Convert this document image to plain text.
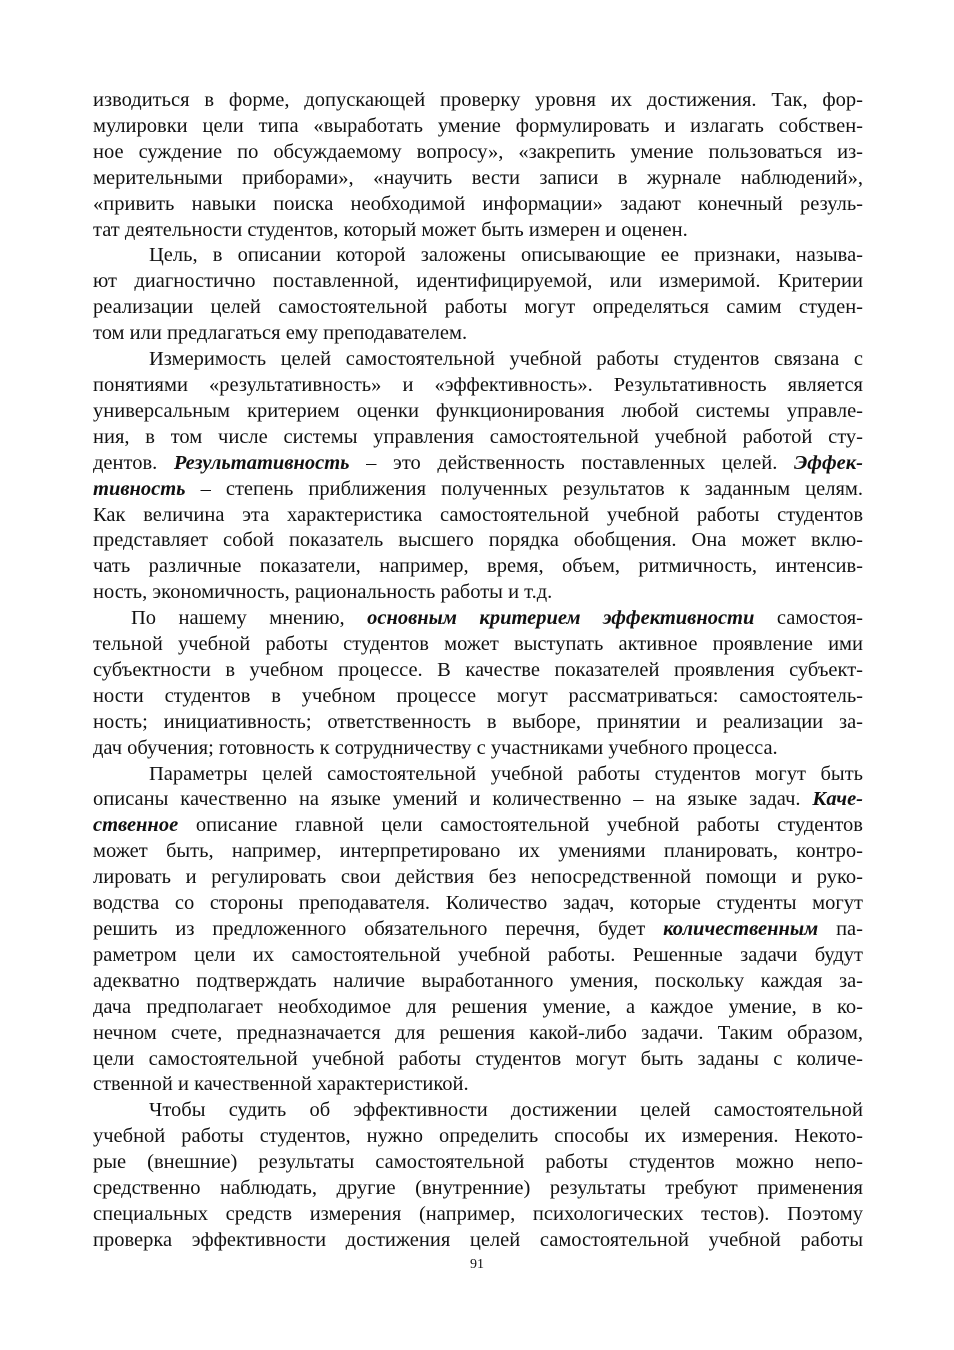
изводиться в форме, допускающей проверку уровня их достижения. Так, фор-
мулировки цели типа «выработать умение формулировать и излагать собствен-
ное суждение по обсуждаемому вопросу», «закрепить умение пользоваться из-
мерительными приборами», «научить вести записи в журнале наблюдений»,
«привить навыки поиска необходимой информации» задают конечный резуль-
тат деятельности студентов, который может быть измерен и оценен.

Цель, в описании которой заложены описывающие ее признаки, называ-
ют диагностично поставленной, идентифицируемой, или измеримой. Критерии
реализации целей самостоятельной работы могут определяться самим студен-
том или предлагаться ему преподавателем.

Измеримость целей самостоятельной учебной работы студентов связана с
понятиями «результативность» и «эффективность». Результативность является
универсальным критерием оценки функционирования любой системы управле-
ния, в том числе системы управления самостоятельной учебной работой сту-
дентов. Результативность – это действенность поставленных целей. Эффек-
тивность – степень приближения полученных результатов к заданным целям.
Как величина эта характеристика самостоятельной учебной работы студентов
представляет собой показатель высшего порядка обобщения. Она может вклю-
чать различные показатели, например, время, объем, ритмичность, интенсив-
ность, экономичность, рациональность работы и т.д.

По нашему мнению, основным критерием эффективности самостоя-
тельной учебной работы студентов может выступать активное проявление ими
субъектности в учебном процессе. В качестве показателей проявления субъект-
ности студентов в учебном процессе могут рассматриваться: самостоятель-
ность; инициативность; ответственность в выборе, принятии и реализации за-
дач обучения; готовность к сотрудничеству с участниками учебного процесса.

Параметры целей самостоятельной учебной работы студентов могут быть
описаны качественно на языке умений и количественно – на языке задач. Каче-
ственное описание главной цели самостоятельной учебной работы студентов
может быть, например, интерпретировано их умениями планировать, контро-
лировать и регулировать свои действия без непосредственной помощи и руко-
водства со стороны преподавателя. Количество задач, которые студенты могут
решить из предложенного обязательного перечня, будет количественным па-
раметром цели их самостоятельной учебной работы. Решенные задачи будут
адекватно подтверждать наличие выработанного умения, поскольку каждая за-
дача предполагает необходимое для решения умение, а каждое умение, в ко-
нечном счете, предназначается для решения какой-либо задачи. Таким образом,
цели самостоятельной учебной работы студентов могут быть заданы с количе-
ственной и качественной характеристикой.

Чтобы судить об эффективности достижении целей самостоятельной
учебной работы студентов, нужно определить способы их измерения. Некото-
рые (внешние) результаты самостоятельной работы студентов можно непо-
средственно наблюдать, другие (внутренние) результаты требуют применения
специальных средств измерения (например, психологических тестов). Поэтому
проверка эффективности достижения целей самостоятельной учебной работы

91
